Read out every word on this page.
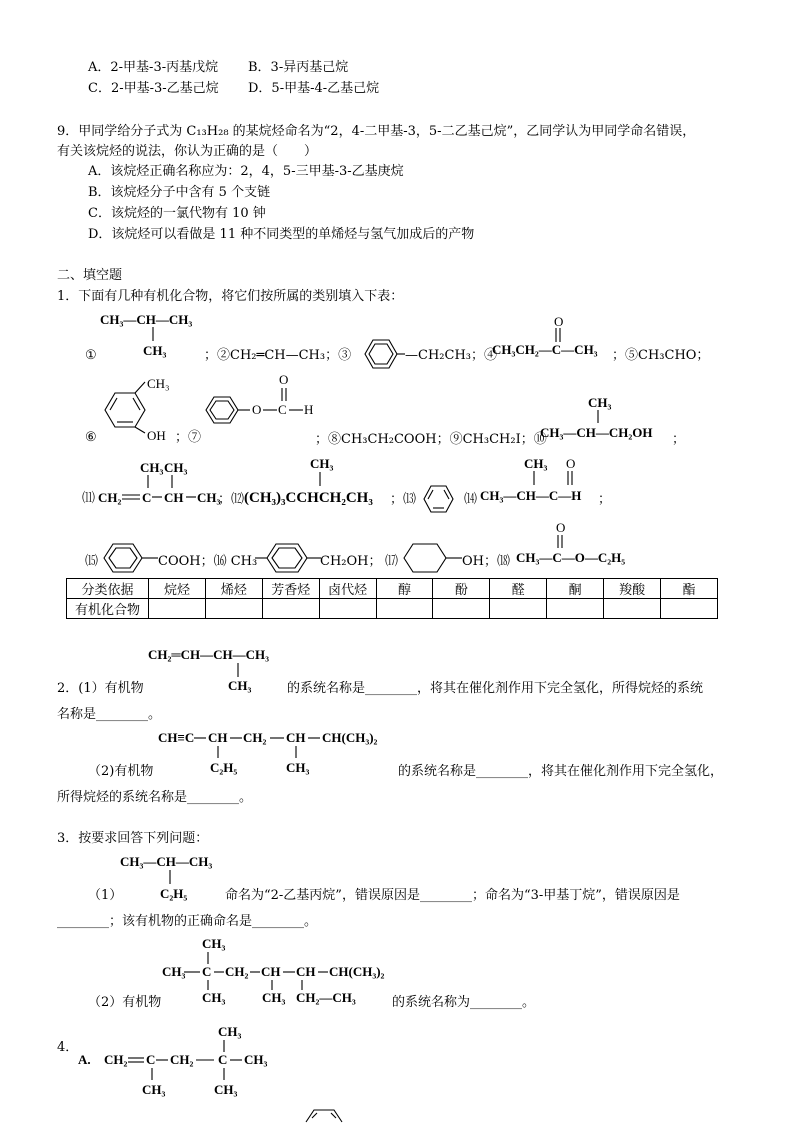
A．2-甲基-3-丙基戊烷 B．3-异丙基己烷
C．2-甲基-3-乙基己烷 D．5-甲基-4-乙基己烷
9．甲同学给分子式为 C₁₃H₂₈ 的某烷烃命名为“2，4-二甲基-3，5-二乙基己烷”，乙同学认为甲同学命名错误，
有关该烷烃的说法，你认为正确的是（　　）
A．该烷烃正确名称应为：2，4，5-三甲基-3-乙基庚烷
B．该烷烃分子中含有 5 个支链
C．该烷烃的一氯代物有 10 钟
D．该烷烃可以看做是 11 种不同类型的单烯烃与氢气加成后的产物
二、填空题
1．下面有几种有机化合物，将它们按所属的类别填入下表：
CH₃—CH—CH₃
CH₃
①	；②CH₂═CH—CH₃；③	—CH₂CH₃；④
O
CH₃CH₂—C—CH₃ ；⑤CH₃CHO；
CH₃
OH
⑥	；⑦
O C
O
H
；⑧CH₃CH₂COOH；⑨CH₃CH₂I；⑩
CH₃
CH₃—CH—CH₂OH ；
CH₃ CH₃
⑾ CH₂ C CH CH₃
；⑿
CH₃
(CH₃)₃CCHCH₂CH₃ ；⒀	⒁
CH₃ O
CH₃—CH—C—H ；
⒂	COOH；⒃ CH₃	CH₂OH； ⒄	OH；⒅
O
CH₃—C—O—C₂H₅
分类依据	烷烃	烯烃	芳香烃	卤代烃	醇	酚	醛	酮	羧酸	酯
有机化合物										
CH₂═CH—CH—CH₃
CH₃
2．(1）有机物	的系统名称是________，将其在催化剂作用下完全氢化，所得烷烃的系统
名称是________。
CH≡C CH CH₂ CH CH(CH₃)₂
C₂H₅	CH₃
（2)有机物	的系统名称是________，将其在催化剂作用下完全氢化，
所得烷烃的系统名称是________。
3．按要求回答下列问题：
CH₃—CH—CH₃
C₂H₅
（1）	命名为“2-乙基丙烷”，错误原因是________；命名为“3-甲基丁烷”，错误原因是
________；该有机物的正确命名是________。
CH₃
CH₃ C CH₂ CH CH CH(CH₃)₂
CH₃	CH₃ CH₂—CH₃
（2）有机物	的系统名称为________。
4．
A.
CH₃
CH₂ C CH₂ C CH₃
CH₃	CH₃
